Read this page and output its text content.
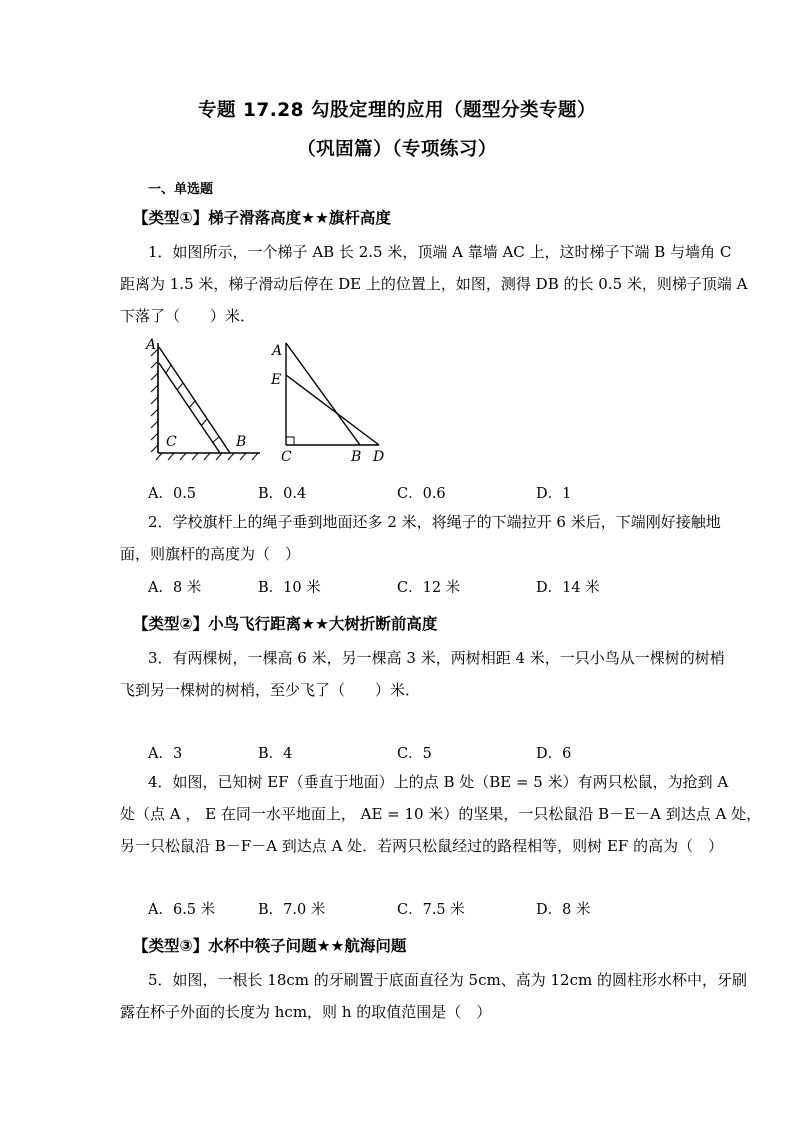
专题 17.28 勾股定理的应用（题型分类专题）
（巩固篇）（专项练习）
一、单选题
【类型①】梯子滑落高度★★旗杆高度
1．如图所示，一个梯子 AB 长 2.5 米，顶端 A 靠墙 AC 上，这时梯子下端 B 与墙角 C
距离为 1.5 米，梯子滑动后停在 DE 上的位置上，如图，测得 DB 的长 0.5 米，则梯子顶端 A
下落了（　　）米．
A
C	B
A
E
C	B D
A．0.5	B．0.4	C．0.6	D．1
2．学校旗杆上的绳子垂到地面还多 2 米，将绳子的下端拉开 6 米后，下端刚好接触地
面，则旗杆的高度为（　）
A．8 米	B．10 米	C．12 米	D．14 米
【类型②】小鸟飞行距离★★大树折断前高度
3．有两棵树，一棵高 6 米，另一棵高 3 米，两树相距 4 米，一只小鸟从一棵树的树梢
飞到另一棵树的树梢，至少飞了（　　）米．
A．3	B．4	C．5	D．6
4．如图，已知树 EF（垂直于地面）上的点 B 处（BE = 5 米）有两只松鼠，为抢到 A
处（点 A ， E 在同一水平地面上， AE = 10 米）的坚果，一只松鼠沿 B－E－A 到达点 A 处，
另一只松鼠沿 B－F－A 到达点 A 处．若两只松鼠经过的路程相等，则树 EF 的高为（　）
A．6.5 米	B．7.0 米	C．7.5 米	D．8 米
【类型③】水杯中筷子问题★★航海问题
5．如图，一根长 18cm 的牙刷置于底面直径为 5cm、高为 12cm 的圆柱形水杯中，牙刷
露在杯子外面的长度为 hcm，则 h 的取值范围是（　）
